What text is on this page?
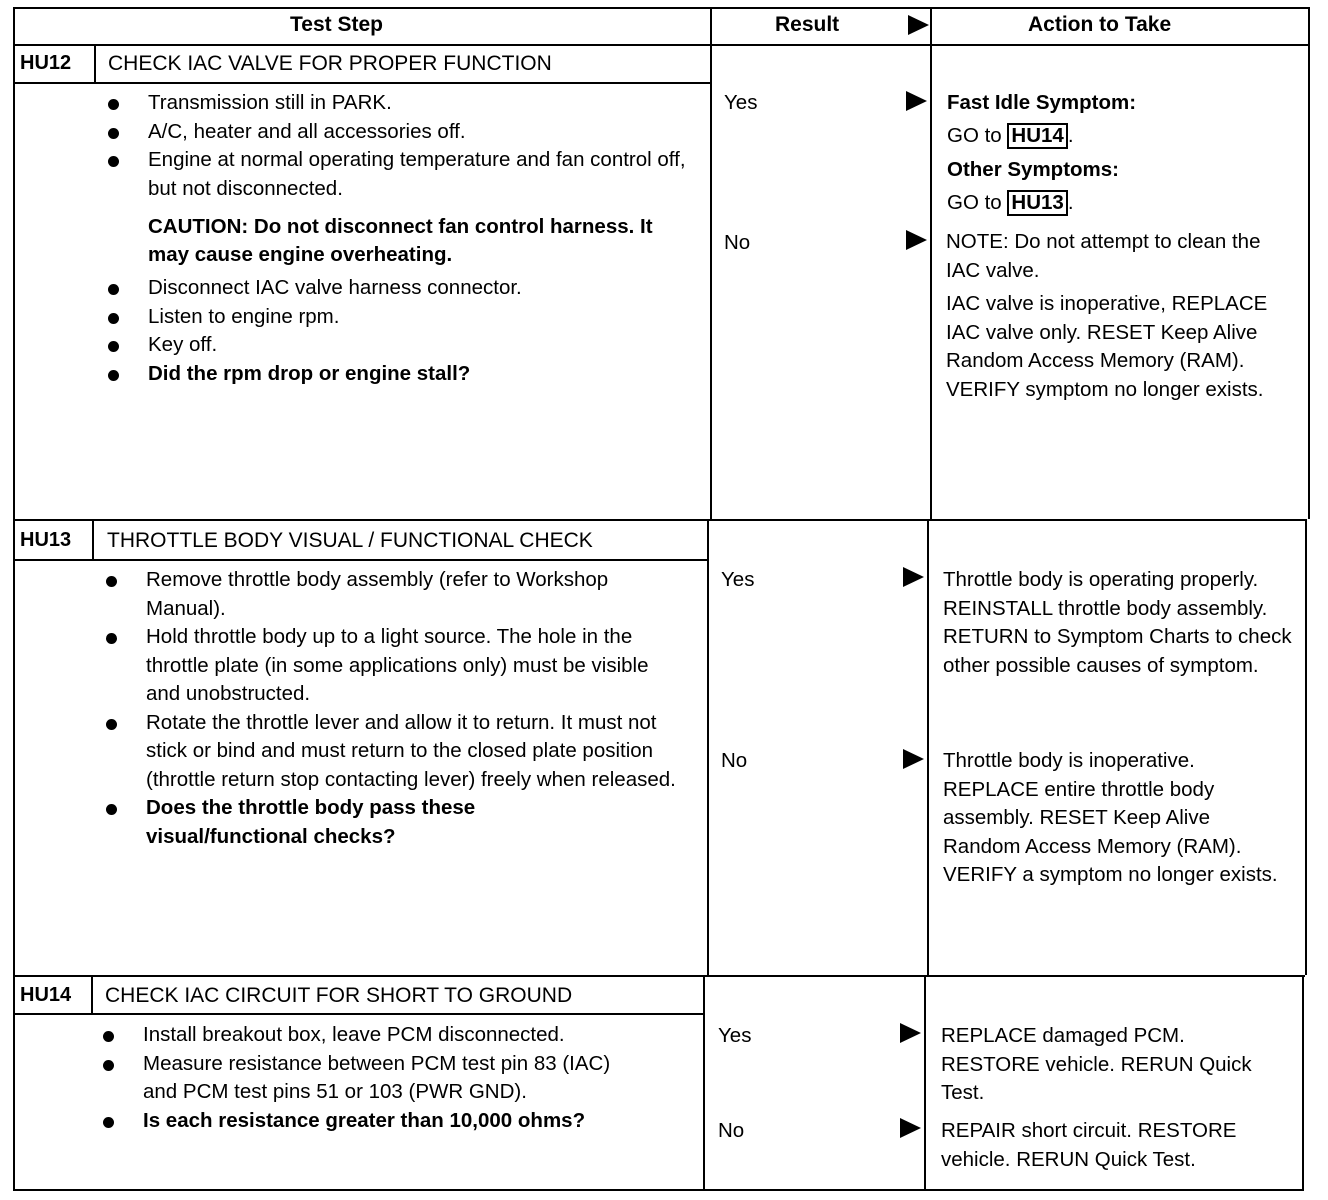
Test Step	Result	Action to Take
HU12 CHECK IAC VALVE FOR PROPER FUNCTION
Transmission still in PARK.
A/C, heater and all accessories off.
Engine at normal operating temperature and fan control off, but not disconnected.
CAUTION: Do not disconnect fan control harness. It may cause engine overheating.
Disconnect IAC valve harness connector.
Listen to engine rpm.
Key off.
Did the rpm drop or engine stall?
Yes
No
Fast Idle Symptom:
GO to HU14 .
Other Symptoms:
GO to HU13 .
NOTE: Do not attempt to clean the IAC valve.
IAC valve is inoperative, REPLACE IAC valve only. RESET Keep Alive Random Access Memory (RAM). VERIFY symptom no longer exists.
HU13 THROTTLE BODY VISUAL / FUNCTIONAL CHECK
Remove throttle body assembly (refer to Workshop Manual).
Hold throttle body up to a light source. The hole in the throttle plate (in some applications only) must be visible and unobstructed.
Rotate the throttle lever and allow it to return. It must not stick or bind and must return to the closed plate position (throttle return stop contacting lever) freely when released.
Does the throttle body pass these visual/functional checks?
Yes
No
Throttle body is operating properly. REINSTALL throttle body assembly. RETURN to Symptom Charts to check other possible causes of symptom.
Throttle body is inoperative. REPLACE entire throttle body assembly. RESET Keep Alive Random Access Memory (RAM). VERIFY a symptom no longer exists.
HU14 CHECK IAC CIRCUIT FOR SHORT TO GROUND
Install breakout box, leave PCM disconnected.
Measure resistance between PCM test pin 83 (IAC) and PCM test pins 51 or 103 (PWR GND).
Is each resistance greater than 10,000 ohms?
Yes
No
REPLACE damaged PCM. RESTORE vehicle. RERUN Quick Test.
REPAIR short circuit. RESTORE vehicle. RERUN Quick Test.
